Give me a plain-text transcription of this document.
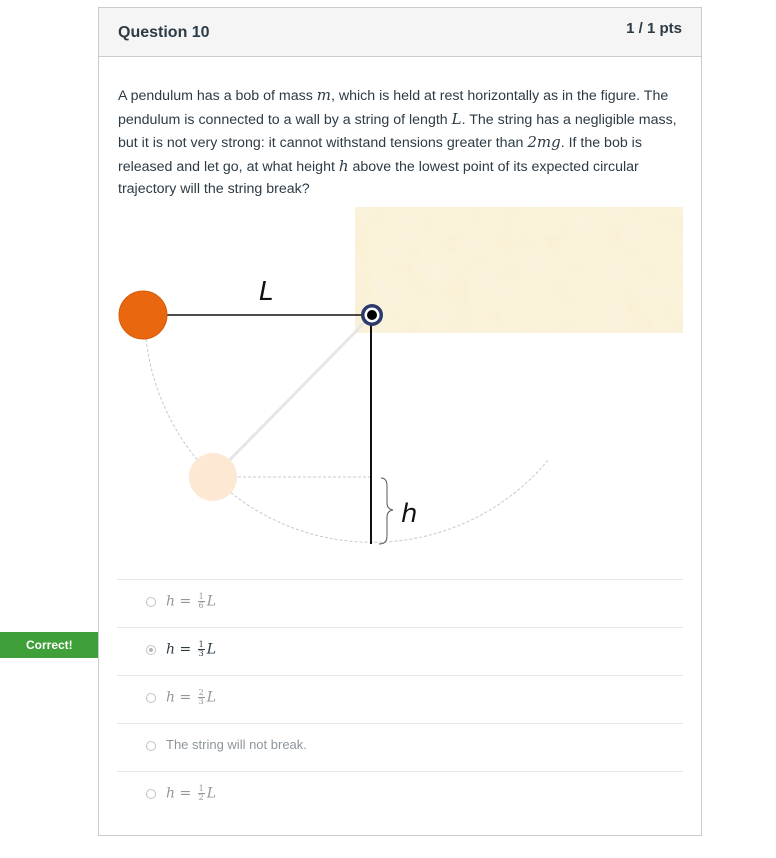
Correct!
Question 10	1 / 1 pts
A pendulum has a bob of mass m, which is held at rest horizontally as in the figure. The pendulum is connected to a wall by a string of length L. The string has a negligible mass, but it is not very strong: it cannot withstand tensions greater than 2mg. If the bob is released and let go, at what height h above the lowest point of its expected circular trajectory will the string break?
L
h
$h = \frac{1}{6}$ L
$h = \frac{1}{3}$ L
$h = \frac{2}{3}$ L
The string will not break.
$h = \frac{1}{2}$ L
